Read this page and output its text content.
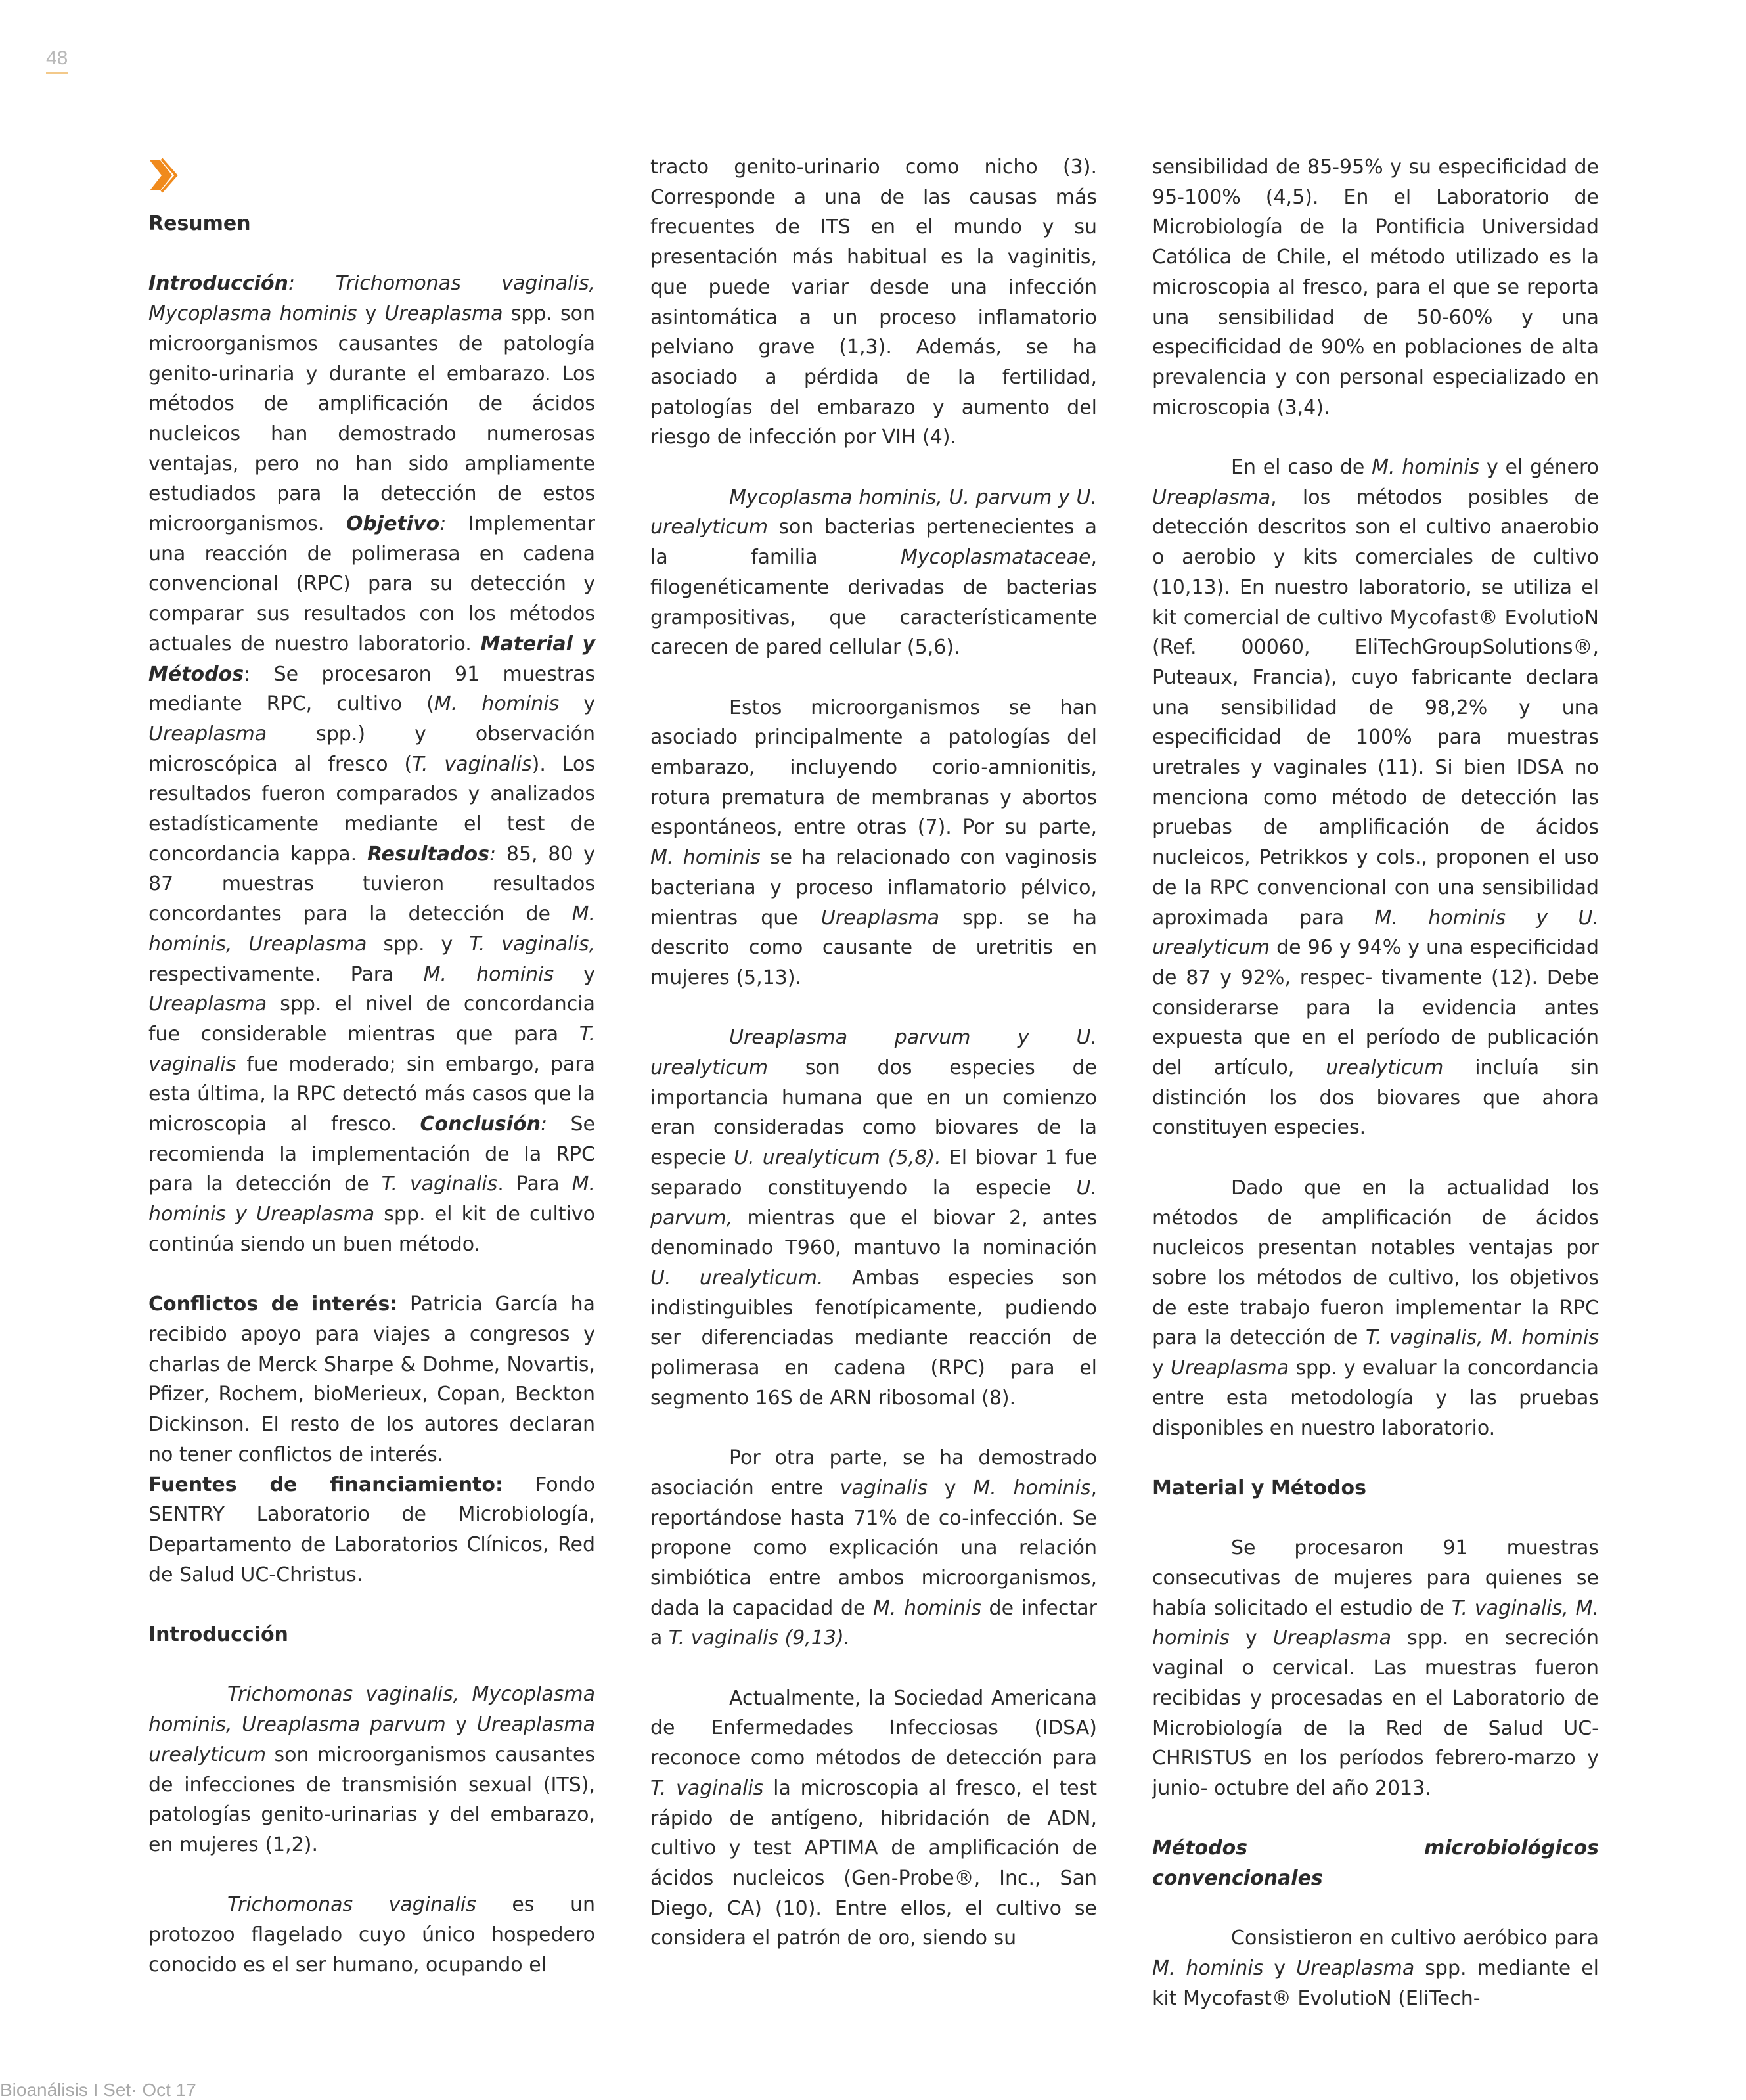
48
Resumen

Introducción: Trichomonas vaginalis, Mycoplasma hominis y Ureaplasma spp. son microorganismos causantes de patología genito-urinaria y durante el embarazo. Los métodos de amplificación de ácidos nucleicos han demostrado numerosas ventajas, pero no han sido ampliamente estudiados para la detección de estos microorganismos. Objetivo: Implementar una reacción de polimerasa en cadena convencional (RPC) para su detección y comparar sus resultados con los métodos actuales de nuestro laboratorio. Material y Métodos: Se procesaron 91 muestras mediante RPC, cultivo (M. hominis y Ureaplasma spp.) y observación microscópica al fresco (T. vaginalis). Los resultados fueron comparados y analizados estadísticamente mediante el test de concordancia kappa. Resultados: 85, 80 y 87 muestras tuvieron resultados concordantes para la detección de M. hominis, Ureaplasma spp. y T. vaginalis, respectivamente. Para M. hominis y Ureaplasma spp. el nivel de concordancia fue considerable mientras que para T. vaginalis fue moderado; sin embargo, para esta última, la RPC detectó más casos que la microscopia al fresco. Conclusión: Se recomienda la implementación de la RPC para la detección de T. vaginalis. Para M. hominis y Ureaplasma spp. el kit de cultivo continúa siendo un buen método.

Conflictos de interés: Patricia García ha recibido apoyo para viajes a congresos y charlas de Merck Sharpe & Dohme, Novartis, Pfizer, Rochem, bioMerieux, Copan, Beckton Dickinson. El resto de los autores declaran no tener conflictos de interés.

Fuentes de financiamiento: Fondo SENTRY Laboratorio de Microbiología, Departamento de Laboratorios Clínicos, Red de Salud UC-Christus.

Introducción

Trichomonas vaginalis, Mycoplasma hominis, Ureaplasma parvum y Ureaplasma urealyticum son microorganismos causantes de infecciones de transmisión sexual (ITS), patologías genito-urinarias y del embarazo, en mujeres (1,2).

Trichomonas vaginalis es un protozoo flagelado cuyo único hospedero conocido es el ser humano, ocupando el

tracto genito-urinario como nicho (3). Corresponde a una de las causas más frecuentes de ITS en el mundo y su presentación más habitual es la vaginitis, que puede variar desde una infección asintomática a un proceso inflamatorio pelviano grave (1,3). Además, se ha asociado a pérdida de la fertilidad, patologías del embarazo y aumento del riesgo de infección por VIH (4).

Mycoplasma hominis, U. parvum y U. urealyticum son bacterias pertenecientes a la familia Mycoplasmataceae, filogenéticamente derivadas de bacterias grampositivas, que característicamente carecen de pared cellular (5,6).

Estos microorganismos se han asociado principalmente a patologías del embarazo, incluyendo corio-amnionitis, rotura prematura de membranas y abortos espontáneos, entre otras (7). Por su parte, M. hominis se ha relacionado con vaginosis bacteriana y proceso inflamatorio pélvico, mientras que Ureaplasma spp. se ha descrito como causante de uretritis en mujeres (5,13).

Ureaplasma parvum y U. urealyticum son dos especies de importancia humana que en un comienzo eran consideradas como biovares de la especie U. urealyticum (5,8). El biovar 1 fue separado constituyendo la especie U. parvum, mientras que el biovar 2, antes denominado T960, mantuvo la nominación U. urealyticum. Ambas especies son indistinguibles fenotípicamente, pudiendo ser diferenciadas mediante reacción de polimerasa en cadena (RPC) para el segmento 16S de ARN ribosomal (8).

Por otra parte, se ha demostrado asociación entre vaginalis y M. hominis, reportándose hasta 71% de co-infección. Se propone como explicación una relación simbiótica entre ambos microorganismos, dada la capacidad de M. hominis de infectar a T. vaginalis (9,13).

Actualmente, la Sociedad Americana de Enfermedades Infecciosas (IDSA) reconoce como métodos de detección para T. vaginalis la microscopia al fresco, el test rápido de antígeno, hibridación de ADN, cultivo y test APTIMA de amplificación de ácidos nucleicos (Gen-Probe®, Inc., San Diego, CA) (10). Entre ellos, el cultivo se considera el patrón de oro, siendo su

sensibilidad de 85-95% y su especificidad de 95-100% (4,5). En el Laboratorio de Microbiología de la Pontificia Universidad Católica de Chile, el método utilizado es la microscopia al fresco, para el que se reporta una sensibilidad de 50-60% y una especificidad de 90% en poblaciones de alta prevalencia y con personal especializado en microscopia (3,4).

En el caso de M. hominis y el género Ureaplasma, los métodos posibles de detección descritos son el cultivo anaerobio o aerobio y kits comerciales de cultivo (10,13). En nuestro laboratorio, se utiliza el kit comercial de cultivo Mycofast® EvolutioN (Ref. 00060, EliTechGroupSolutions®, Puteaux, Francia), cuyo fabricante declara una sensibilidad de 98,2% y una especificidad de 100% para muestras uretrales y vaginales (11). Si bien IDSA no menciona como método de detección las pruebas de amplificación de ácidos nucleicos, Petrikkos y cols., proponen el uso de la RPC convencional con una sensibilidad aproximada para M. hominis y U. urealyticum de 96 y 94% y una especificidad de 87 y 92%, respec- tivamente (12). Debe considerarse para la evidencia antes expuesta que en el período de publicación del artículo, urealyticum incluía sin distinción los dos biovares que ahora constituyen especies.

Dado que en la actualidad los métodos de amplificación de ácidos nucleicos presentan notables ventajas por sobre los métodos de cultivo, los objetivos de este trabajo fueron implementar la RPC para la detección de T. vaginalis, M. hominis y Ureaplasma spp. y evaluar la concordancia entre esta metodología y las pruebas disponibles en nuestro laboratorio.

Material y Métodos

Se procesaron 91 muestras consecutivas de mujeres para quienes se había solicitado el estudio de T. vaginalis, M. hominis y Ureaplasma spp. en secreción vaginal o cervical. Las muestras fueron recibidas y procesadas en el Laboratorio de Microbiología de la Red de Salud UC-CHRISTUS en los períodos febrero-marzo y junio- octubre del año 2013.

Métodos microbiológicos convencionales

Consistieron en cultivo aeróbico para M. hominis y Ureaplasma spp. mediante el kit Mycofast® EvolutioN (EliTech-

Bioanálisis I Set· Oct 17
